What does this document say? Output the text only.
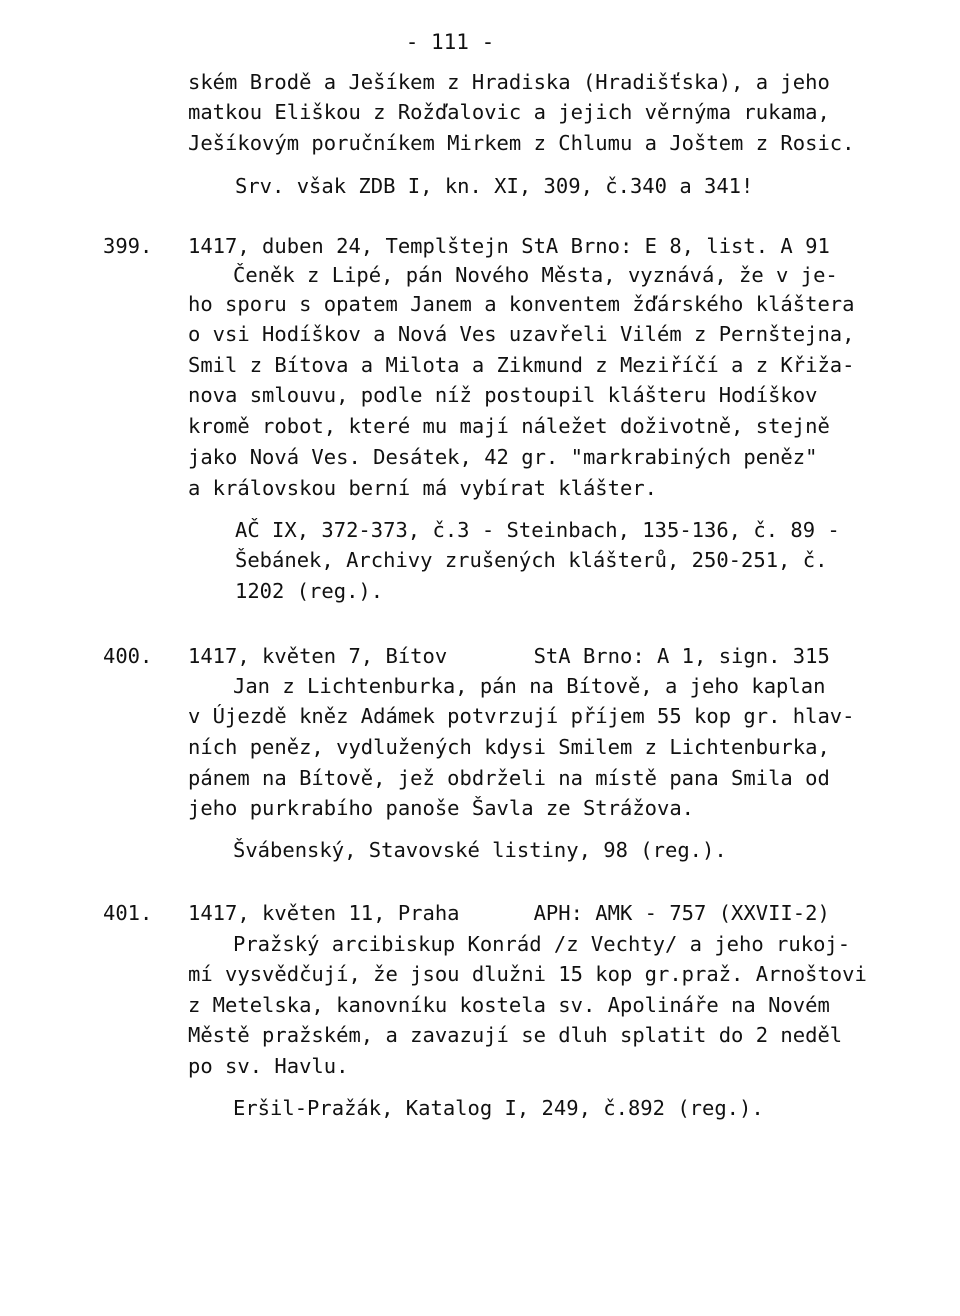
- 111 -
ském Brodě a Ješíkem z Hradiska (Hradišťska), a jeho
matkou Eliškou z Rožďalovic a jejich věrnýma rukama,
Ješíkovým poručníkem Mirkem z Chlumu a Joštem z Rosic.
Srv. však ZDB I, kn. XI, 309, č.340 a 341!
399. 1417, duben 24, Templštejn StA Brno: E 8, list. A 91
Čeněk z Lipé, pán Nového Města, vyznává, že v je-
ho sporu s opatem Janem a konventem žďárského kláštera
o vsi Hodíškov a Nová Ves uzavřeli Vilém z Pernštejna,
Smil z Bítova a Milota a Zikmund z Meziříčí a z Křiža-
nova smlouvu, podle níž postoupil klášteru Hodíškov
kromě robot, které mu mají náležet doživotně, stejně
jako Nová Ves. Desátek, 42 gr. "markrabiných peněz"
a královskou berní má vybírat klášter.
AČ IX, 372-373, č.3 - Steinbach, 135-136, č. 89 -
Šebánek, Archivy zrušených klášterů, 250-251, č.
1202 (reg.).
400. 1417, květen 7, Bítov       StA Brno: A 1, sign. 315
Jan z Lichtenburka, pán na Bítově, a jeho kaplan
v Újezdě kněz Adámek potvrzují příjem 55 kop gr. hlav-
ních peněz, vydlužených kdysi Smilem z Lichtenburka,
pánem na Bítově, jež obdrželi na místě pana Smila od
jeho purkrabího panoše Šavla ze Strážova.
Švábenský, Stavovské listiny, 98 (reg.).
401. 1417, květen 11, Praha      APH: AMK - 757 (XXVII-2)
Pražský arcibiskup Konrád /z Vechty/ a jeho rukoj-
mí vysvědčují, že jsou dlužni 15 kop gr.praž. Arnoštovi
z Metelska, kanovníku kostela sv. Apolináře na Novém
Městě pražském, a zavazují se dluh splatit do 2 neděl
po sv. Havlu.
Eršil-Pražák, Katalog I, 249, č.892 (reg.).
